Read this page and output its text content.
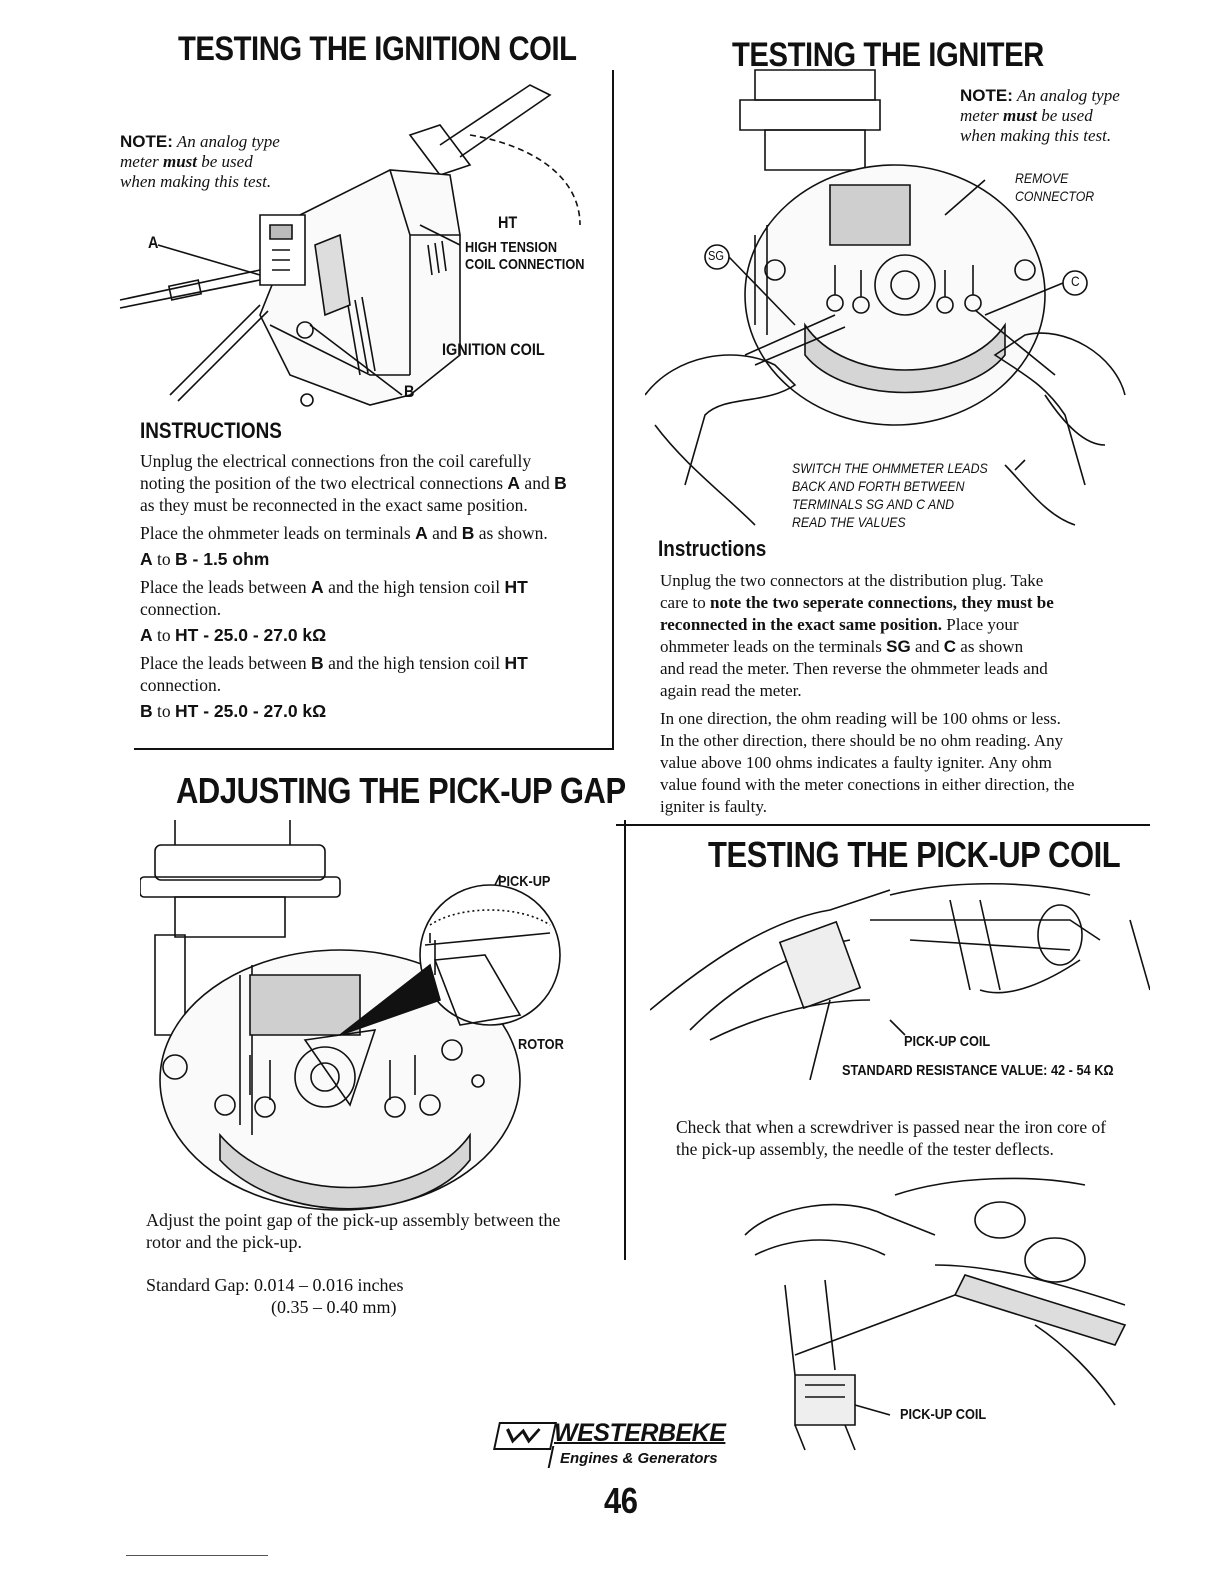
TESTING THE IGNITION COIL
NOTE: An analog type
meter must be used
when making this test.
A
B
HT
HIGH TENSION
COIL CONNECTION
IGNITION COIL
INSTRUCTIONS

Unplug the electrical connections fron the coil carefully

noting the position of the two electrical connections A and B

as they must be reconnected in the exact same position.

Place the ohmmeter leads on terminals A and B as shown.

A to B - 1.5 ohm

Place the leads between A and the high tension coil HT

connection.

A to HT - 25.0 - 27.0 kΩ

Place the leads between B and the high tension coil HT

connection.

B to HT - 25.0 - 27.0 kΩ

TESTING THE IGNITER
NOTE: An analog type
meter must be used
when making this test.
REMOVE
CONNECTOR
SG
C
SWITCH THE OHMMETER LEADS
BACK AND FORTH BETWEEN
TERMINALS SG AND C AND
READ THE VALUES
Instructions

Unplug the two connectors at the distribution plug. Take

care to note the two seperate connections, they must be

reconnected in the exact same position. Place your

ohmmeter leads on the terminals SG and C as shown

and read the meter. Then reverse the ohmmeter leads and

again read the meter.

In one direction, the ohm reading will be 100 ohms or less.

In the other direction, there should be no ohm reading. Any

value above 100 ohms indicates a faulty igniter. Any ohm

value found with the meter conections in either direction, the

igniter is faulty.

ADJUSTING THE PICK-UP GAP
PICK-UP
ROTOR

Adjust the point gap of the pick-up assembly between the

rotor and the pick-up.

Standard Gap: 0.014 – 0.016 inches

(0.35 – 0.40 mm)

TESTING THE PICK-UP COIL
PICK-UP COIL
STANDARD RESISTANCE VALUE: 42 - 54 KΩ

Check that when a screwdriver is passed near the iron core of

the pick-up assembly, the needle of the tester deflects.

PICK-UP COIL
WESTERBEKE
Engines & Generators
46
